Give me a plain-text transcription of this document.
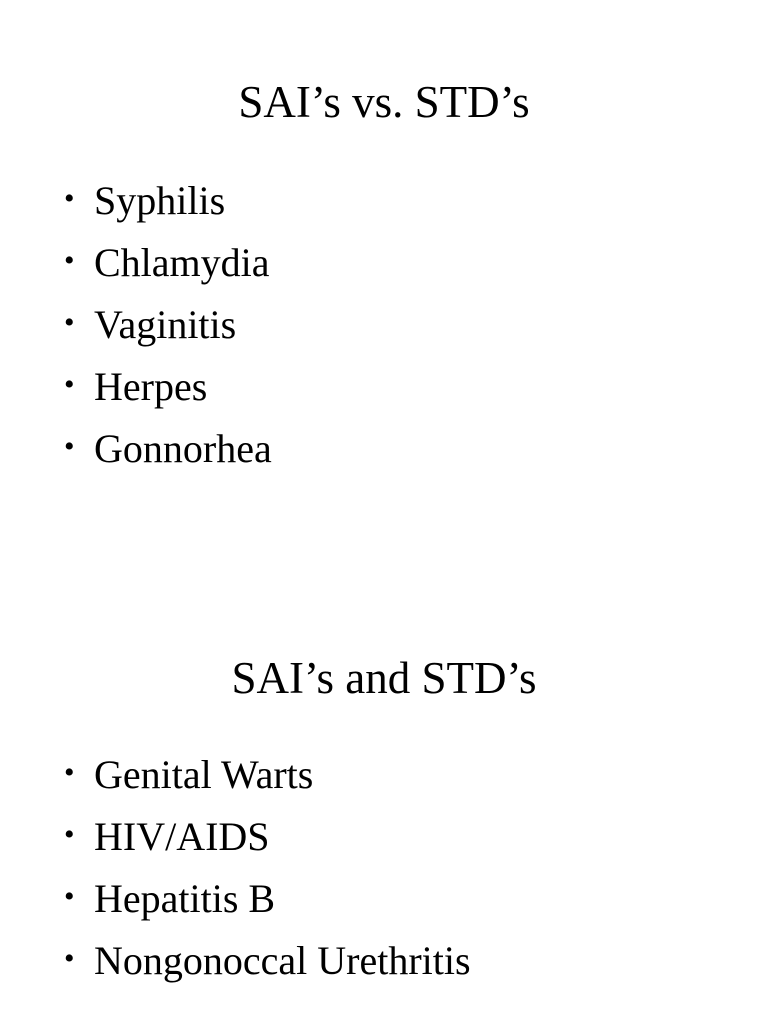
SAI’s vs. STD’s
• Syphilis
• Chlamydia
• Vaginitis
• Herpes
• Gonnorhea
SAI’s and STD’s
• Genital Warts
• HIV/AIDS
• Hepatitis B
• Nongonoccal Urethritis
